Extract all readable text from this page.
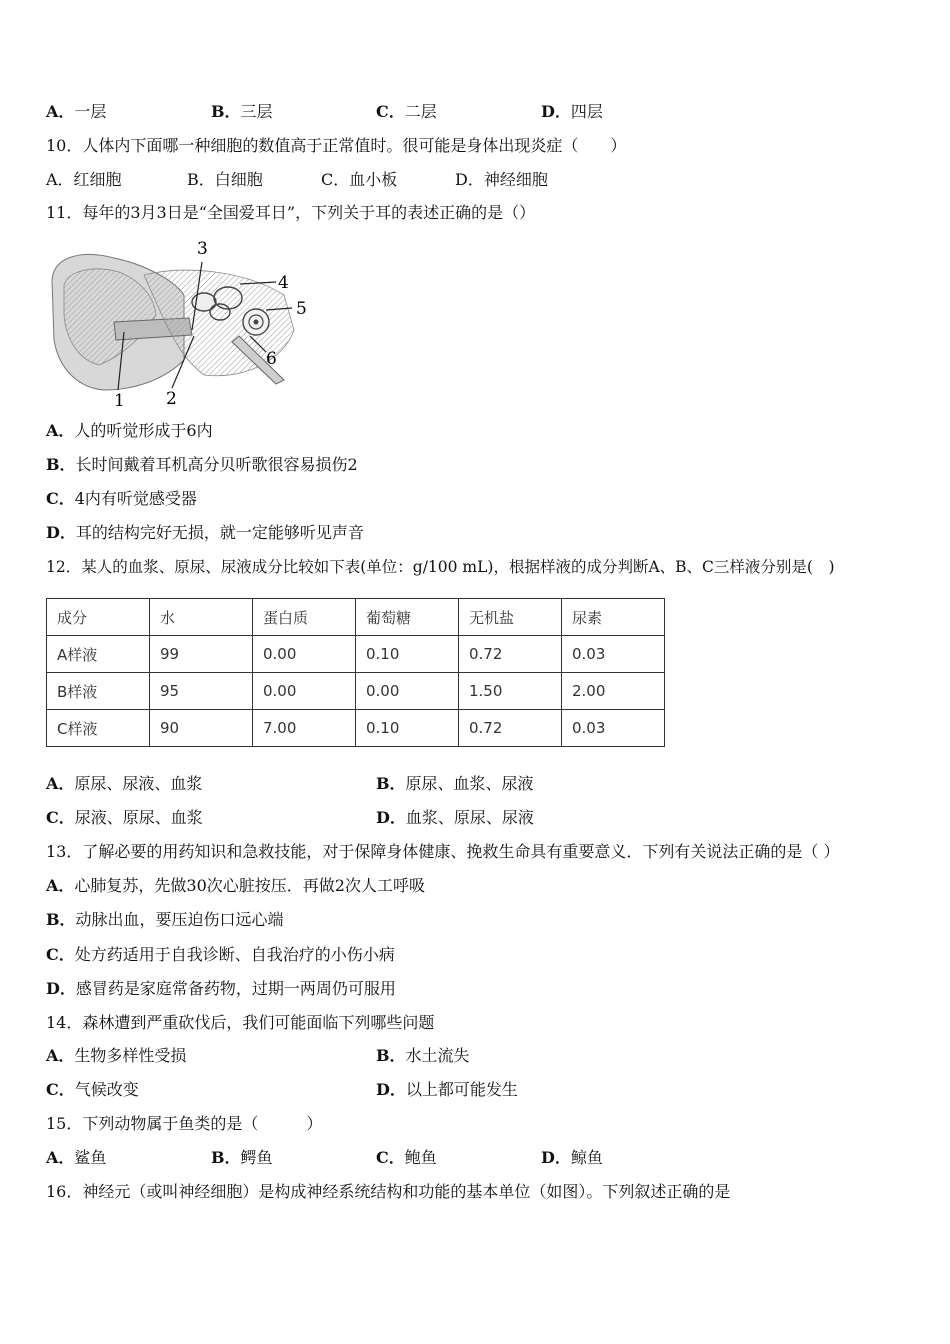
A．一层	B．三层	C．二层	D．四层
10．人体内下面哪一种细胞的数值高于正常值时。很可能是身体出现炎症（　　）
A．红细胞	B．白细胞	C．血小板	D．神经细胞
11．每年的3月3日是“全国爱耳日”，下列关于耳的表述正确的是（）
1 2
3
4
5
6
A．人的听觉形成于6内
B．长时间戴着耳机高分贝听歌很容易损伤2
C．4内有听觉感受器
D．耳的结构完好无损，就一定能够听见声音
12．某人的血浆、原尿、尿液成分比较如下表(单位：g/100 mL)，根据样液的成分判断A、B、C三样液分别是(　)
成分	水	蛋白质	葡萄糖	无机盐	尿素
A样液	99	0.00	0.10	0.72	0.03
B样液	95	0.00	0.00	1.50	2.00
C样液	90	7.00	0.10	0.72	0.03
A．原尿、尿液、血浆	B．原尿、血浆、尿液
C．尿液、原尿、血浆	D．血浆、原尿、尿液
13．了解必要的用药知识和急救技能，对于保障身体健康、挽救生命具有重要意义．下列有关说法正确的是（ ）
A．心肺复苏，先做30次心脏按压．再做2次人工呼吸
B．动脉出血，要压迫伤口远心端
C．处方药适用于自我诊断、自我治疗的小伤小病
D．感冒药是家庭常备药物，过期一两周仍可服用
14．森林遭到严重砍伐后，我们可能面临下列哪些问题
A．生物多样性受损	B．水土流失
C．气候改变	D．以上都可能发生
15．下列动物属于鱼类的是（　　　）
A．鲨鱼	B．鳄鱼	C．鲍鱼	D．鲸鱼
16．神经元（或叫神经细胞）是构成神经系统结构和功能的基本单位（如图）。下列叙述正确的是
